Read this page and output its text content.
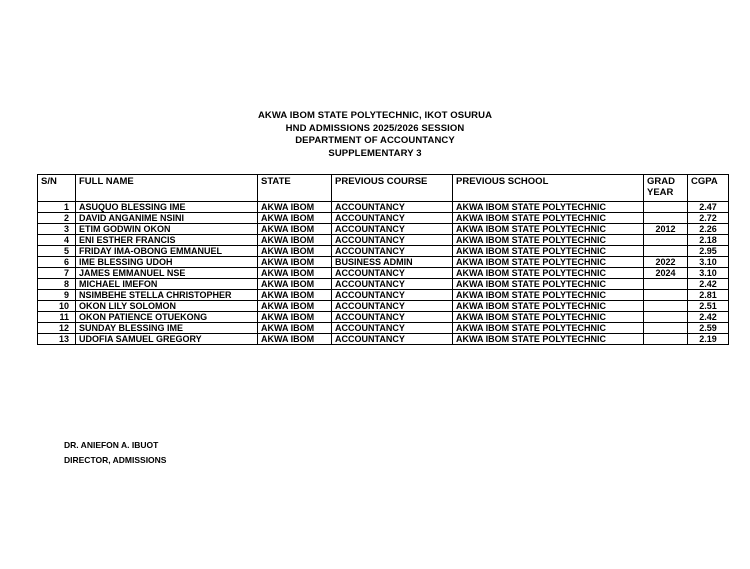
AKWA IBOM STATE POLYTECHNIC, IKOT OSURUA
HND ADMISSIONS 2025/2026 SESSION
DEPARTMENT OF ACCOUNTANCY
SUPPLEMENTARY 3
S/N	FULL NAME	STATE	PREVIOUS COURSE	PREVIOUS SCHOOL	GRAD YEAR	CGPA
1	ASUQUO BLESSING IME	AKWA IBOM	ACCOUNTANCY	AKWA IBOM STATE POLYTECHNIC		2.47
2	DAVID ANGANIME NSINI	AKWA IBOM	ACCOUNTANCY	AKWA IBOM STATE POLYTECHNIC		2.72
3	ETIM GODWIN OKON	AKWA IBOM	ACCOUNTANCY	AKWA IBOM STATE POLYTECHNIC	2012	2.26
4	ENI ESTHER FRANCIS	AKWA IBOM	ACCOUNTANCY	AKWA IBOM STATE POLYTECHNIC		2.18
5	FRIDAY IMA-OBONG EMMANUEL	AKWA IBOM	ACCOUNTANCY	AKWA IBOM STATE POLYTECHNIC		2.95
6	IME BLESSING UDOH	AKWA IBOM	BUSINESS ADMIN	AKWA IBOM STATE POLYTECHNIC	2022	3.10
7	JAMES EMMANUEL NSE	AKWA IBOM	ACCOUNTANCY	AKWA IBOM STATE POLYTECHNIC	2024	3.10
8	MICHAEL IMEFON	AKWA IBOM	ACCOUNTANCY	AKWA IBOM STATE POLYTECHNIC		2.42
9	NSIMBEHE STELLA CHRISTOPHER	AKWA IBOM	ACCOUNTANCY	AKWA IBOM STATE POLYTECHNIC		2.81
10	OKON LILY SOLOMON	AKWA IBOM	ACCOUNTANCY	AKWA IBOM STATE POLYTECHNIC		2.51
11	OKON PATIENCE OTUEKONG	AKWA IBOM	ACCOUNTANCY	AKWA IBOM STATE POLYTECHNIC		2.42
12	SUNDAY BLESSING IME	AKWA IBOM	ACCOUNTANCY	AKWA IBOM STATE POLYTECHNIC		2.59
13	UDOFIA SAMUEL GREGORY	AKWA IBOM	ACCOUNTANCY	AKWA IBOM STATE POLYTECHNIC		2.19
DR. ANIEFON A. IBUOT
DIRECTOR, ADMISSIONS
